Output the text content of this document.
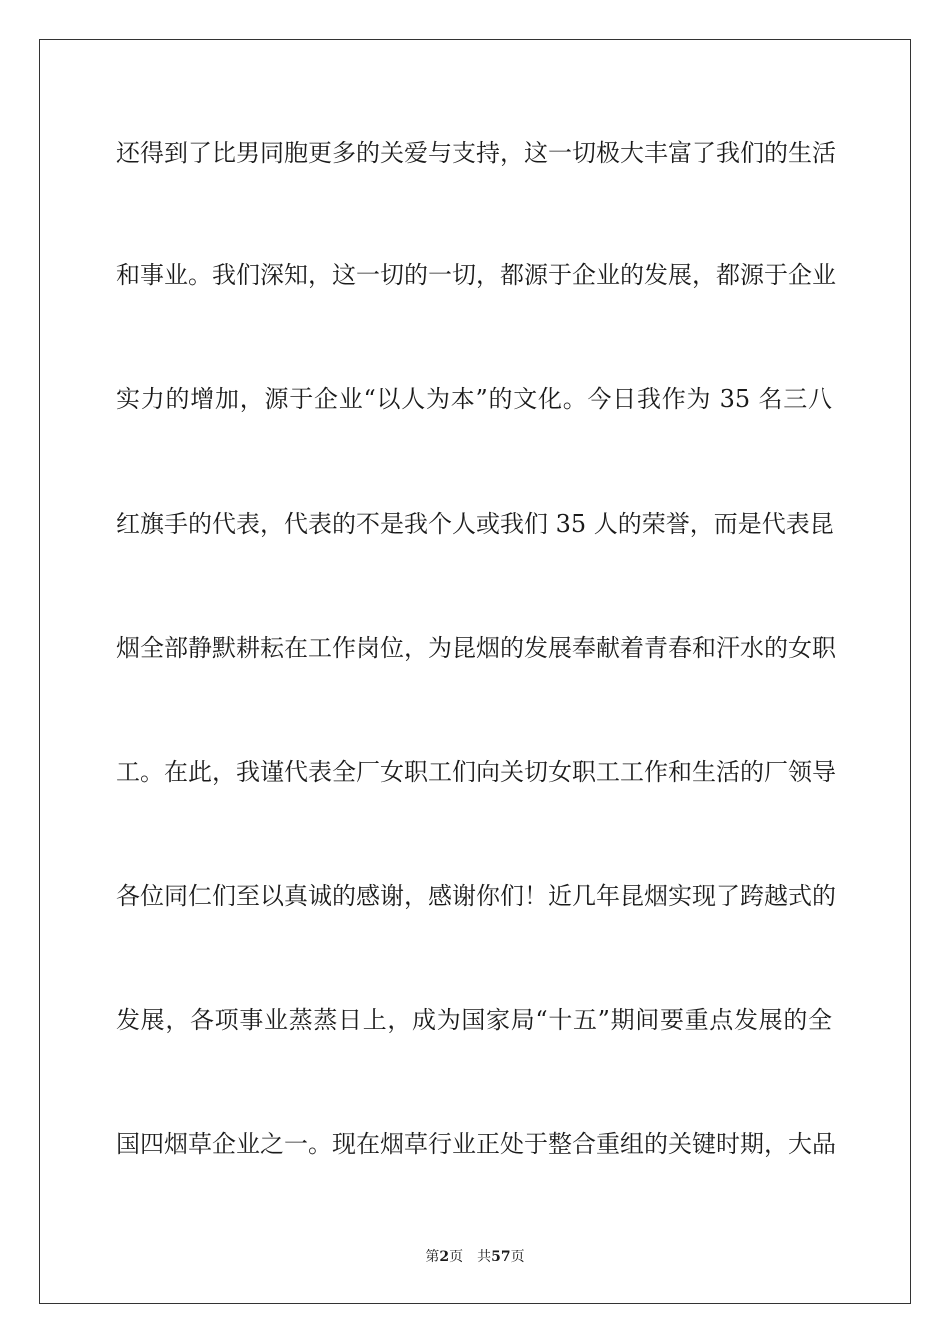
还得到了比男同胞更多的关爱与支持，这一切极大丰富了我们的生活
和事业。我们深知，这一切的一切，都源于企业的发展，都源于企业
实力的增加，源于企业“以人为本”的文化。今日我作为 35 名三八
红旗手的代表，代表的不是我个人或我们 35 人的荣誉，而是代表昆
烟全部静默耕耘在工作岗位，为昆烟的发展奉献着青春和汗水的女职
工。在此，我谨代表全厂女职工们向关切女职工工作和生活的厂领导
各位同仁们至以真诚的感谢，感谢你们！近几年昆烟实现了跨越式的
发展，各项事业蒸蒸日上，成为国家局“十五”期间要重点发展的全
国四烟草企业之一。现在烟草行业正处于整合重组的关键时期，大品
第2页 共57页
